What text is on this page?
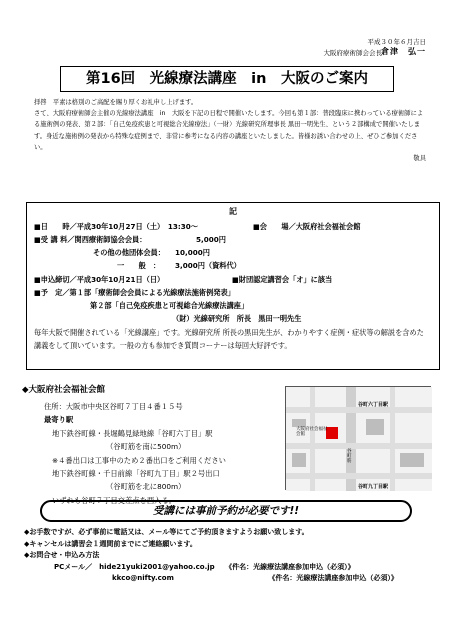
平成３０年６月吉日
大阪府療術師会会長 倉津　弘一
第16回　光線療法講座　in　大阪のご案内

拝啓　平素は格別のご高配を賜り厚くお礼申し上げます。

さて、大阪府療術師会主催の光線療法講座　in　大阪を下記の日程で開催いたします。今回も第１部：普段臨床に携わっている療術師による施術例の発表、第２部：「自己免疫疾患と可視総合光線療法」（一財）光線研究所理事長 黒田一明先生、という２部構成で開催いたします。身近な施術例の発表から特殊な症例まで、非常に参考になる内容の講座といたしました。皆様お誘い合わせの上、ぜひご参加ください。

敬具

記
■日　　時／平成30年10月27日（土）　13:30～	■会　　場／大阪府社会福祉会館
■受 講 料／関西療術師協会会員：	5,000円
その他の他団体会員： 10,000円
一　　般　： 3,000円（資料代）
■申込締切／平成30年10月21日（日）	■財団認定講習会「オ」に該当
■予　定／第１部「療術師会会員による光線療法施術例発表」
第２部「自己免疫疾患と可視総合光線療法講座」
（財）光線研究所　所長　黒田一明先生
毎年大阪で開催されている「光線講座」です。光線研究所 所長の黒田先生が、わかりやすく症例・症状等の解説を含めた講義をして頂いています。一般の方も参加でき質問コーナーは毎回大好評です。
◆大阪府社会福祉会館
住所：大阪市中央区谷町７丁目４番１５号
最寄り駅
地下鉄谷町線・長堀鶴見緑地線「谷町六丁目」駅
（谷町筋を南に500m）
※４番出口は工事中のため２番出口をご利用ください
地下鉄谷町線・千日前線「谷町九丁目」駅２号出口
（谷町筋を北に800m）
いずれも谷町７丁目交差点を西入る。
谷町六丁目駅
大阪府社会福祉会館
谷町九丁目駅
谷町筋
受講には事前予約が必要です!!
◆お手数ですが、必ず事前に電話又は、メール等にてご予約頂きますようお願い致します。
◆キャンセルは講習会１週間前までにご連絡願います。
◆お問合せ・申込み方法
PCメール／　hide21yuki2001@yahoo.co.jp 《件名：光線療法講座参加申込（必須）》
kkco@nifty.com	《件名：光線療法講座参加申込（必須）》
